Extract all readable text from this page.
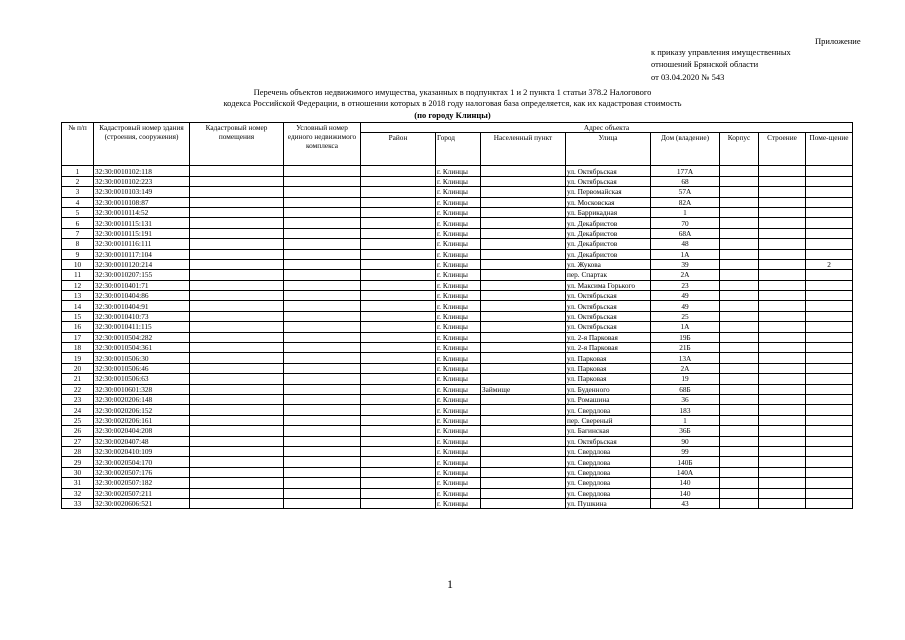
Приложение
к приказу управления имущественных
отношений Брянской области
от 03.04.2020 № 543
Перечень объектов недвижимого имущества, указанных в подпунктах 1 и 2 пункта 1 статьи 378.2 Налогового
кодекса Российской Федерации, в отношении которых в 2018 году налоговая база определяется, как их кадастровая стоимость
(по городу Клинцы)
№ п/п	Кадастровый номер здания (строения, сооружения)	Кадастровый номер помещения	Условный номер единого недвижимого комплекса	Адрес объекта							
				Район	Город	Населенный пункт	Улица	Дом (владение)	Корпус	Строение	Поме-щение
1	32:30:0010102:118				г. Клинцы		ул. Октябрьская	177А			
2	32:30:0010102:223				г. Клинцы		ул. Октябрьская	68			
3	32:30:0010103:149				г. Клинцы		ул. Первомайская	57А			
4	32:30:0010108:87				г. Клинцы		ул. Московская	82А			
5	32:30:0010114:52				г. Клинцы		ул. Баррикадная	1			
6	32:30:0010115:131				г. Клинцы		ул. Декабристов	70			
7	32:30:0010115:191				г. Клинцы		ул. Декабристов	68А			
8	32:30:0010116:111				г. Клинцы		ул. Декабристов	48			
9	32:30:0010117:104				г. Клинцы		ул. Декабристов	1А			
10	32:30:0010120:214				г. Клинцы		ул. Жукова	39			2
11	32:30:0010207:155				г. Клинцы		пер. Спартак	2А			
12	32:30:0010401:71				г. Клинцы		ул. Максима Горького	23			
13	32:30:0010404:86				г. Клинцы		ул. Октябрьская	49			
14	32:30:0010404:91				г. Клинцы		ул. Октябрьская	49			
15	32:30:0010410:73				г. Клинцы		ул. Октябрьская	25			
16	32:30:0010411:115				г. Клинцы		ул. Октябрьская	1А			
17	32:30:0010504:282				г. Клинцы		ул. 2-я Парковая	19Б			
18	32:30:0010504:361				г. Клинцы		ул. 2-я Парковая	21Б			
19	32:30:0010506:30				г. Клинцы		ул. Парковая	13А			
20	32:30:0010506:46				г. Клинцы		ул. Парковая	2А			
21	32:30:0010506:63				г. Клинцы		ул. Парковая	19			
22	32:30:0010601:328				г. Клинцы	Займище	ул. Буденного	68Б			
23	32:30:0020206:148				г. Клинцы		ул. Ромашина	36			
24	32:30:0020206:152				г. Клинцы		ул. Свердлова	183			
25	32:30:0020206:161				г. Клинцы		пер. Свереный	1			
26	32:30:0020404:208				г. Клинцы		ул. Багинская	36Б			
27	32:30:0020407:48				г. Клинцы		ул. Октябрьская	90			
28	32:30:0020410:109				г. Клинцы		ул. Свердлова	99			
29	32:30:0020504:170				г. Клинцы		ул. Свердлова	140Б			
30	32:30:0020507:176				г. Клинцы		ул. Свердлова	140А			
31	32:30:0020507:182				г. Клинцы		ул. Свердлова	140			
32	32:30:0020507:211				г. Клинцы		ул. Свердлова	140			
33	32:30:0020606:521				г. Клинцы		ул. Пушкина	43			
1
